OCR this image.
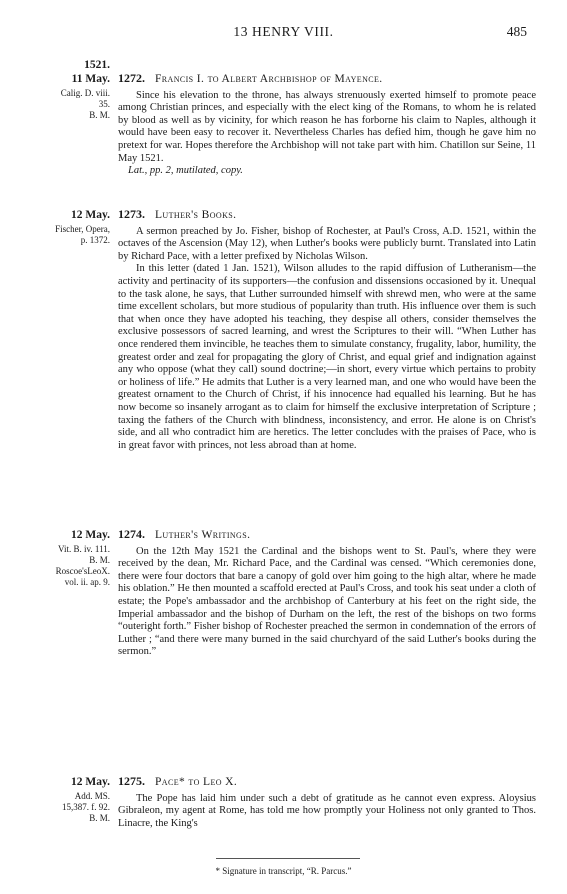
13 HENRY VIII.	485
1521.
11 May.
Calig. D. viii.
35.
B. M.
1272. Francis I. to Albert Archbishop of Mayence.

Since his elevation to the throne, has always strenuously exerted himself to promote peace among Christian princes, and especially with the elect king of the Romans, to whom he is related by blood as well as by vicinity, for which reason he has forborne his claim to Naples, although it would have been easy to recover it. Nevertheless Charles has defied him, though he gave him no pretext for war. Hopes therefore the Archbishop will not take part with him. Chatillon sur Seine, 11 May 1521.

Lat., pp. 2, mutilated, copy.

12 May.
Fischer, Opera,
p. 1372.
1273. Luther's Books.

A sermon preached by Jo. Fisher, bishop of Rochester, at Paul's Cross, A.D. 1521, within the octaves of the Ascension (May 12), when Luther's books were publicly burnt. Translated into Latin by Richard Pace, with a letter prefixed by Nicholas Wilson.

In this letter (dated 1 Jan. 1521), Wilson alludes to the rapid diffusion of Lutheranism—the activity and pertinacity of its supporters—the confusion and dissensions occasioned by it. Unequal to the task alone, he says, that Luther surrounded himself with shrewd men, who were at the same time excellent scholars, but more studious of popularity than truth. His influence over them is such that when once they have adopted his teaching, they despise all others, consider themselves the exclusive possessors of sacred learning, and wrest the Scriptures to their will. “When Luther has once rendered them invincible, he teaches them to simulate constancy, frugality, labor, humility, the greatest order and zeal for propagating the glory of Christ, and equal grief and indignation against any who oppose (what they call) sound doctrine;—in short, every virtue which pertains to probity or holiness of life.” He admits that Luther is a very learned man, and one who would have been the greatest ornament to the Church of Christ, if his innocence had equalled his learning. But he has now become so insanely arrogant as to claim for himself the exclusive interpretation of Scripture ; taxing the fathers of the Church with blindness, inconsistency, and error. He alone is on Christ's side, and all who contradict him are heretics. The letter concludes with the praises of Pace, who is in great favor with princes, not less abroad than at home.

12 May.
Vit. B. iv. 111.
B. M.
Roscoe'sLeoX.
vol. ii. ap. 9.
1274. Luther's Writings.

On the 12th May 1521 the Cardinal and the bishops went to St. Paul's, where they were received by the dean, Mr. Richard Pace, and the Cardinal was censed. “Which ceremonies done, there were four doctors that bare a canopy of gold over him going to the high altar, where he made his oblation.” He then mounted a scaffold erected at Paul's Cross, and took his seat under a cloth of estate; the Pope's ambassador and the archbishop of Canterbury at his feet on the right side, the Imperial ambassador and the bishop of Durham on the left, the rest of the bishops on two forms “outeright forth.” Fisher bishop of Rochester preached the sermon in condemnation of the errors of Luther ; “and there were many burned in the said churchyard of the said Luther's books during the sermon.”

12 May.
Add. MS.
15,387. f. 92.
B. M.
1275. Pace* to Leo X.

The Pope has laid him under such a debt of gratitude as he cannot even express. Aloysius Gibraleon, my agent at Rome, has told me how promptly your Holiness not only granted to Thos. Linacre, the King's

* Signature in transcript, “R. Parcus.”
